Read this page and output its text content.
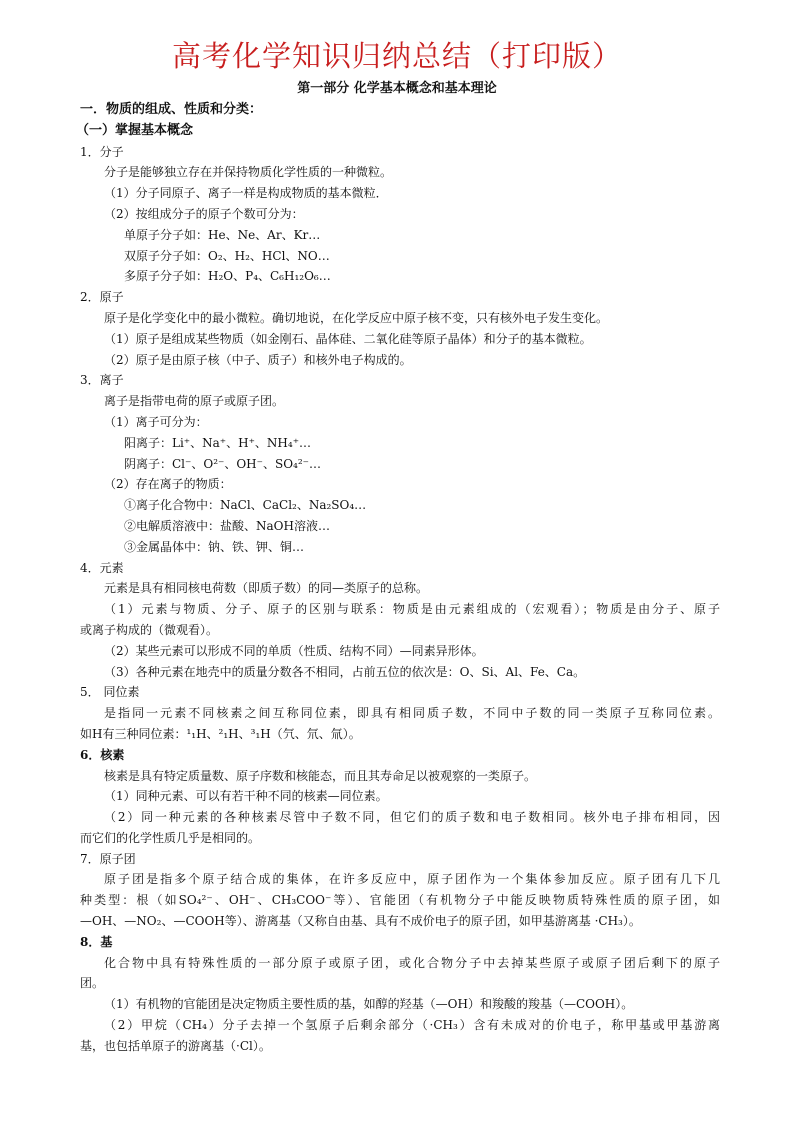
高考化学知识归纳总结（打印版）
第一部分 化学基本概念和基本理论
一．物质的组成、性质和分类：
（一）掌握基本概念
1．分子
分子是能够独立存在并保持物质化学性质的一种微粒。
（1）分子同原子、离子一样是构成物质的基本微粒．
（2）按组成分子的原子个数可分为：
单原子分子如：He、Ne、Ar、Kr…
双原子分子如：O₂、H₂、HCl、NO…
多原子分子如：H₂O、P₄、C₆H₁₂O₆…
2．原子
原子是化学变化中的最小微粒。确切地说，在化学反应中原子核不变，只有核外电子发生变化。
（1）原子是组成某些物质（如金刚石、晶体硅、二氧化硅等原子晶体）和分子的基本微粒。
（2）原子是由原子核（中子、质子）和核外电子构成的。
3．离子
离子是指带电荷的原子或原子团。
（1）离子可分为：
阳离子：Li⁺、Na⁺、H⁺、NH₄⁺…
阴离子：Cl⁻、O²⁻、OH⁻、SO₄²⁻…
（2）存在离子的物质：
①离子化合物中：NaCl、CaCl₂、Na₂SO₄…
②电解质溶液中：盐酸、NaOH溶液…
③金属晶体中：钠、铁、钾、铜…
4．元素
元素是具有相同核电荷数（即质子数）的同—类原子的总称。
（1）元素与物质、分子、原子的区别与联系：物质是由元素组成的（宏观看）；物质是由分子、原子
或离子构成的（微观看）。
（2）某些元素可以形成不同的单质（性质、结构不同）—同素异形体。
（3）各种元素在地壳中的质量分数各不相同，占前五位的依次是：O、Si、Al、Fe、Ca。
5． 同位素
是指同一元素不同核素之间互称同位素，即具有相同质子数，不同中子数的同一类原子互称同位素。
如H有三种同位素：¹₁H、²₁H、³₁H（氕、氘、氚）。
6．核素
核素是具有特定质量数、原子序数和核能态，而且其寿命足以被观察的一类原子。
（1）同种元素、可以有若干种不同的核素—同位素。
（2）同一种元素的各种核素尽管中子数不同，但它们的质子数和电子数相同。核外电子排布相同，因
而它们的化学性质几乎是相同的。
7．原子团
原子团是指多个原子结合成的集体，在许多反应中，原子团作为一个集体参加反应。原子团有几下几
种类型：根（如SO₄²⁻、OH⁻、CH₃COO⁻等）、官能团（有机物分子中能反映物质特殊性质的原子团，如
—OH、—NO₂、—COOH等）、游离基（又称自由基、具有不成价电子的原子团，如甲基游离基 ·CH₃）。
8．基
化合物中具有特殊性质的一部分原子或原子团，或化合物分子中去掉某些原子或原子团后剩下的原子
团。
（1）有机物的官能团是决定物质主要性质的基，如醇的羟基（—OH）和羧酸的羧基（—COOH）。
（2）甲烷（CH₄）分子去掉一个氢原子后剩余部分（·CH₃）含有未成对的价电子，称甲基或甲基游离
基，也包括单原子的游离基（·Cl）。
